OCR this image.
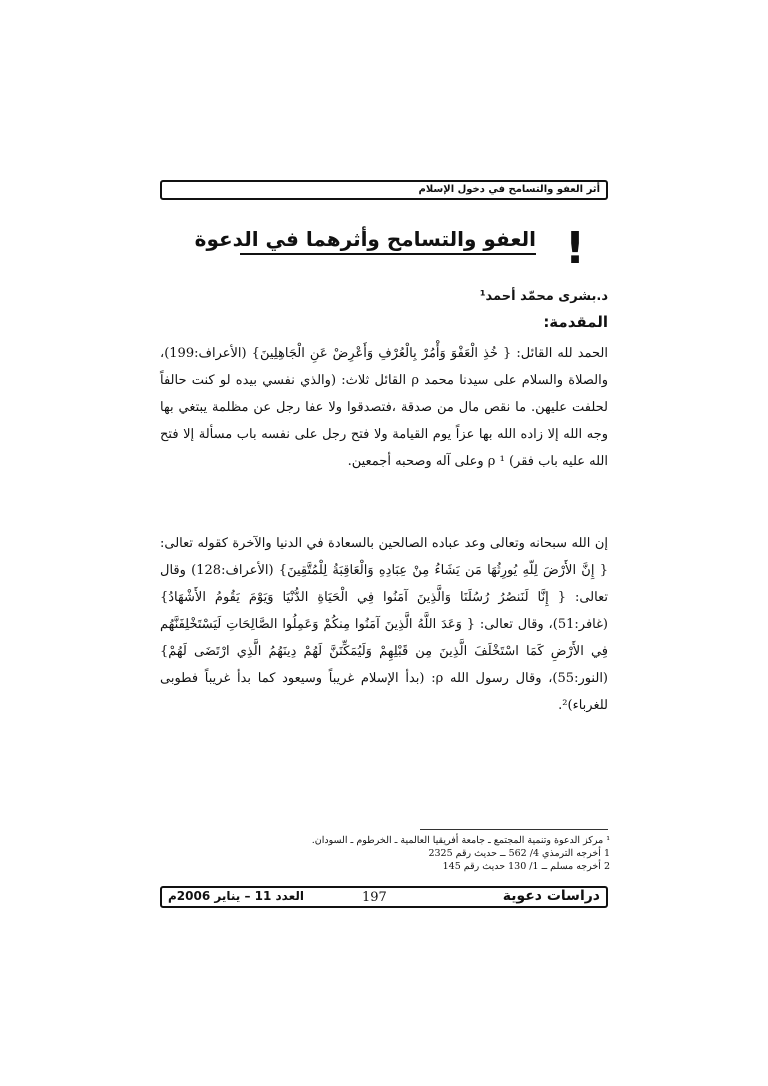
أثر العفو والتسامح في دخول الإسلام
!
العفو والتسامح وأثرهما في الدعوة
د.بشرى محمّد أحمد¹
المقدمة:

الحمد لله القائل: { خُذِ الْعَفْوَ وَأْمُرْ بِالْعُرْفِ وَأَعْرِضْ عَنِ الْجَاهِلِينَ} (الأعراف:199)، والصلاة والسلام على سيدنا محمد ρ القائل ثلاث: (والذي نفسي بيده لو كنت حالفاً لحلفت عليهن. ما نقص مال من صدقة ،فتصدقوا ولا عفا رجل عن مظلمة يبتغي بها وجه الله إلا زاده الله بها عزاً يوم القيامة ولا فتح رجل على نفسه باب مسألة إلا فتح الله عليه باب فقر) ¹ ρ وعلى آله وصحبه أجمعين.

إن الله سبحانه وتعالى وعد عباده الصالحين بالسعادة في الدنيا والآخرة كقوله تعالى: { إِنَّ الأَرْضَ لِلّهِ يُورِثُهَا مَن يَشَاءُ مِنْ عِبَادِهِ وَالْعَاقِبَةُ لِلْمُتَّقِينَ} (الأعراف:128) وقال تعالى: { إِنَّا لَنَنصُرُ رُسُلَنَا وَالَّذِينَ آمَنُوا فِي الْحَيَاةِ الدُّنْيَا وَيَوْمَ يَقُومُ الأَشْهَادُ} (غافر:51)، وقال تعالى: { وَعَدَ اللَّهُ الَّذِينَ آمَنُوا مِنكُمْ وَعَمِلُوا الصَّالِحَاتِ لَيَسْتَخْلِفَنَّهُم فِي الأَرْضِ كَمَا اسْتَخْلَفَ الَّذِينَ مِن قَبْلِهِمْ وَلَيُمَكِّنَنَّ لَهُمْ دِينَهُمُ الَّذِي ارْتَضَى لَهُمْ} (النور:55)، وقال رسول الله ρ: (بدأ الإسلام غريباً وسيعود كما بدأ غريباً فطوبى للغرباء)².

¹ مركز الدعوة وتنمية المجتمع ـ جامعة أفريقيا العالمية ـ الخرطوم ـ السودان.
1 أخرجه الترمذي 4/ 562 ــ حديث رقم 2325
2 أخرجه مسلم ــ 1/ 130 حديث رقم 145
دراسات دعوية
197
العدد 11 – يناير 2006م
